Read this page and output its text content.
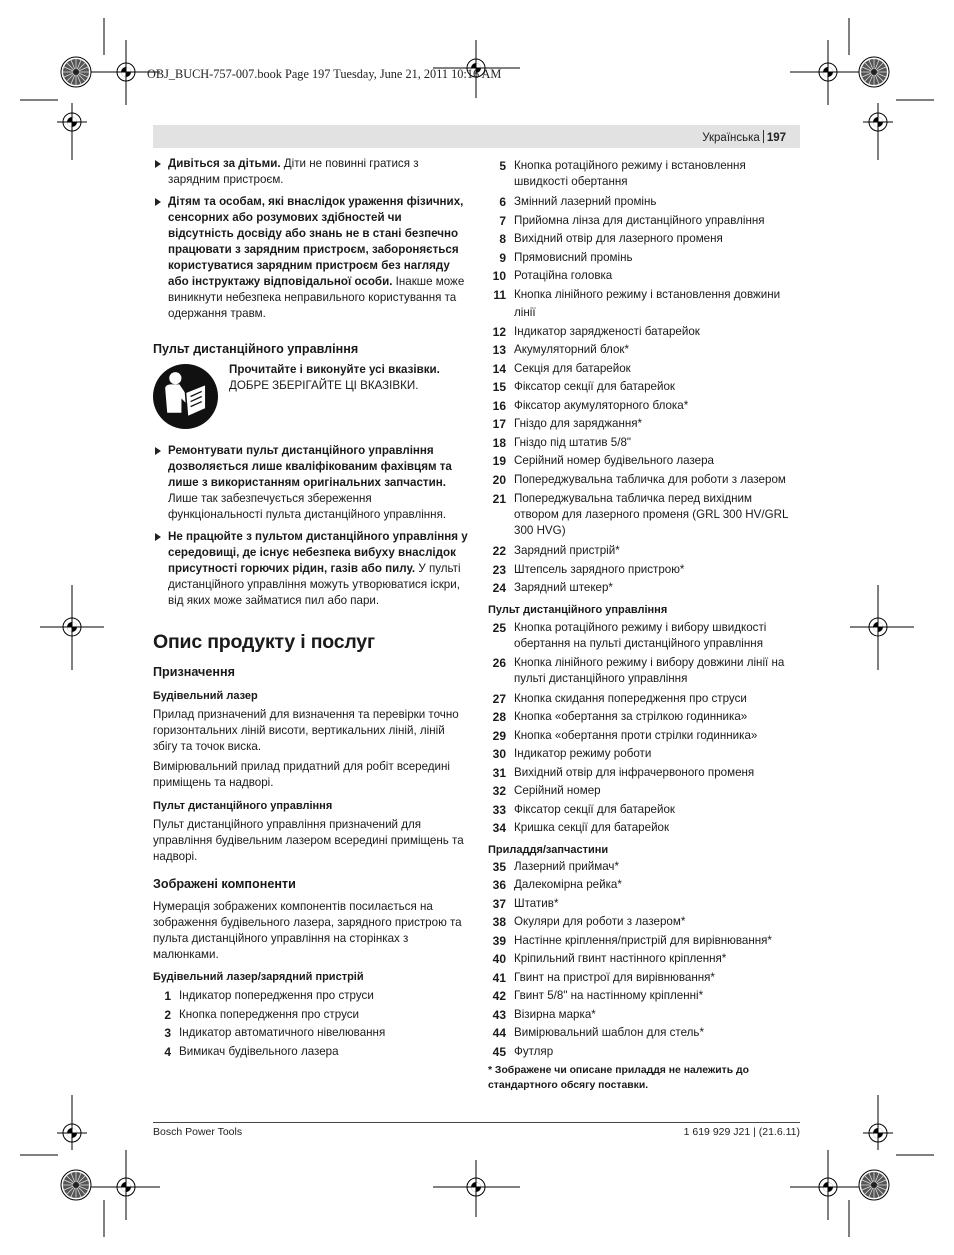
OBJ_BUCH-757-007.book Page 197 Tuesday, June 21, 2011 10:16 AM
Українська 197
Дивіться за дітьми. Діти не повинні гратися з зарядним пристроєм.
Дітям та особам, які внаслідок ураження фізичних, сенсорних або розумових здібностей чи відсутність досвіду або знань не в стані безпечно працювати з зарядним пристроєм, забороняється користуватися зарядним пристроєм без нагляду або інструктажу відповідальної особи. Інакше може виникнути небезпека неправильного користування та одержання травм.
Пульт дистанційного управління
Прочитайте і виконуйте усі вказівки.
ДОБРЕ ЗБЕРІГАЙТЕ ЦІ ВКАЗІВКИ.
Ремонтувати пульт дистанційного управління дозволяється лише кваліфікованим фахівцям та лише з використанням оригінальних запчастин. Лише так забезпечується збереження функціональності пульта дистанційного управління.
Не працюйте з пультом дистанційного управління у середовищі, де існує небезпека вибуху внаслідок присутності горючих рідин, газів або пилу. У пульті дистанційного управління можуть утворюватися іскри, від яких може займатися пил або пари.
Опис продукту і послуг
Призначення
Будівельний лазер
Прилад призначений для визначення та перевірки точно горизонтальних ліній висоти, вертикальних ліній, ліній збігу та точок виска.
Вимірювальний прилад придатний для робіт всередині приміщень та надворі.
Пульт дистанційного управління
Пульт дистанційного управління призначений для управління будівельним лазером всередині приміщень та надворі.
Зображені компоненти
Нумерація зображених компонентів посилається на зображення будівельного лазера, зарядного пристрою та пульта дистанційного управління на сторінках з малюнками.
Будівельний лазер/зарядний пристрій
1 Індикатор попередження про струси
2 Кнопка попередження про струси
3 Індикатор автоматичного нівелювання
4 Вимикач будівельного лазера
5 Кнопка ротаційного режиму і встановлення швидкості обертання
6 Змінний лазерний промінь
7 Прийомна лінза для дистанційного управління
8 Вихідний отвір для лазерного променя
9 Прямовисний промінь
10 Ротаційна головка
11 Кнопка лінійного режиму і встановлення довжини лінії
12 Індикатор зарядженості батарейок
13 Акумуляторний блок*
14 Секція для батарейок
15 Фіксатор секції для батарейок
16 Фіксатор акумуляторного блока*
17 Гніздо для заряджання*
18 Гніздо під штатив 5/8"
19 Серійний номер будівельного лазера
20 Попереджувальна табличка для роботи з лазером
21 Попереджувальна табличка перед вихідним отвором для лазерного променя (GRL 300 HV/GRL 300 HVG)
22 Зарядний пристрій*
23 Штепсель зарядного пристрою*
24 Зарядний штекер*
Пульт дистанційного управління
25 Кнопка ротаційного режиму і вибору швидкості обертання на пульті дистанційного управління
26 Кнопка лінійного режиму і вибору довжини лінії на пульті дистанційного управління
27 Кнопка скидання попередження про струси
28 Кнопка «обертання за стрілкою годинника»
29 Кнопка «обертання проти стрілки годинника»
30 Індикатор режиму роботи
31 Вихідний отвір для інфрачервоного променя
32 Серійний номер
33 Фіксатор секції для батарейок
34 Кришка секції для батарейок
Приладдя/запчастини
35 Лазерний приймач*
36 Далекомірна рейка*
37 Штатив*
38 Окуляри для роботи з лазером*
39 Настінне кріплення/пристрій для вирівнювання*
40 Кріпильний гвинт настінного кріплення*
41 Гвинт на пристрої для вирівнювання*
42 Гвинт 5/8" на настінному кріпленні*
43 Візирна марка*
44 Вимірювальний шаблон для стель*
45 Футляр
* Зображене чи описане приладдя не належить до стандартного обсягу поставки.
Bosch Power Tools	1 619 929 J21 | (21.6.11)
